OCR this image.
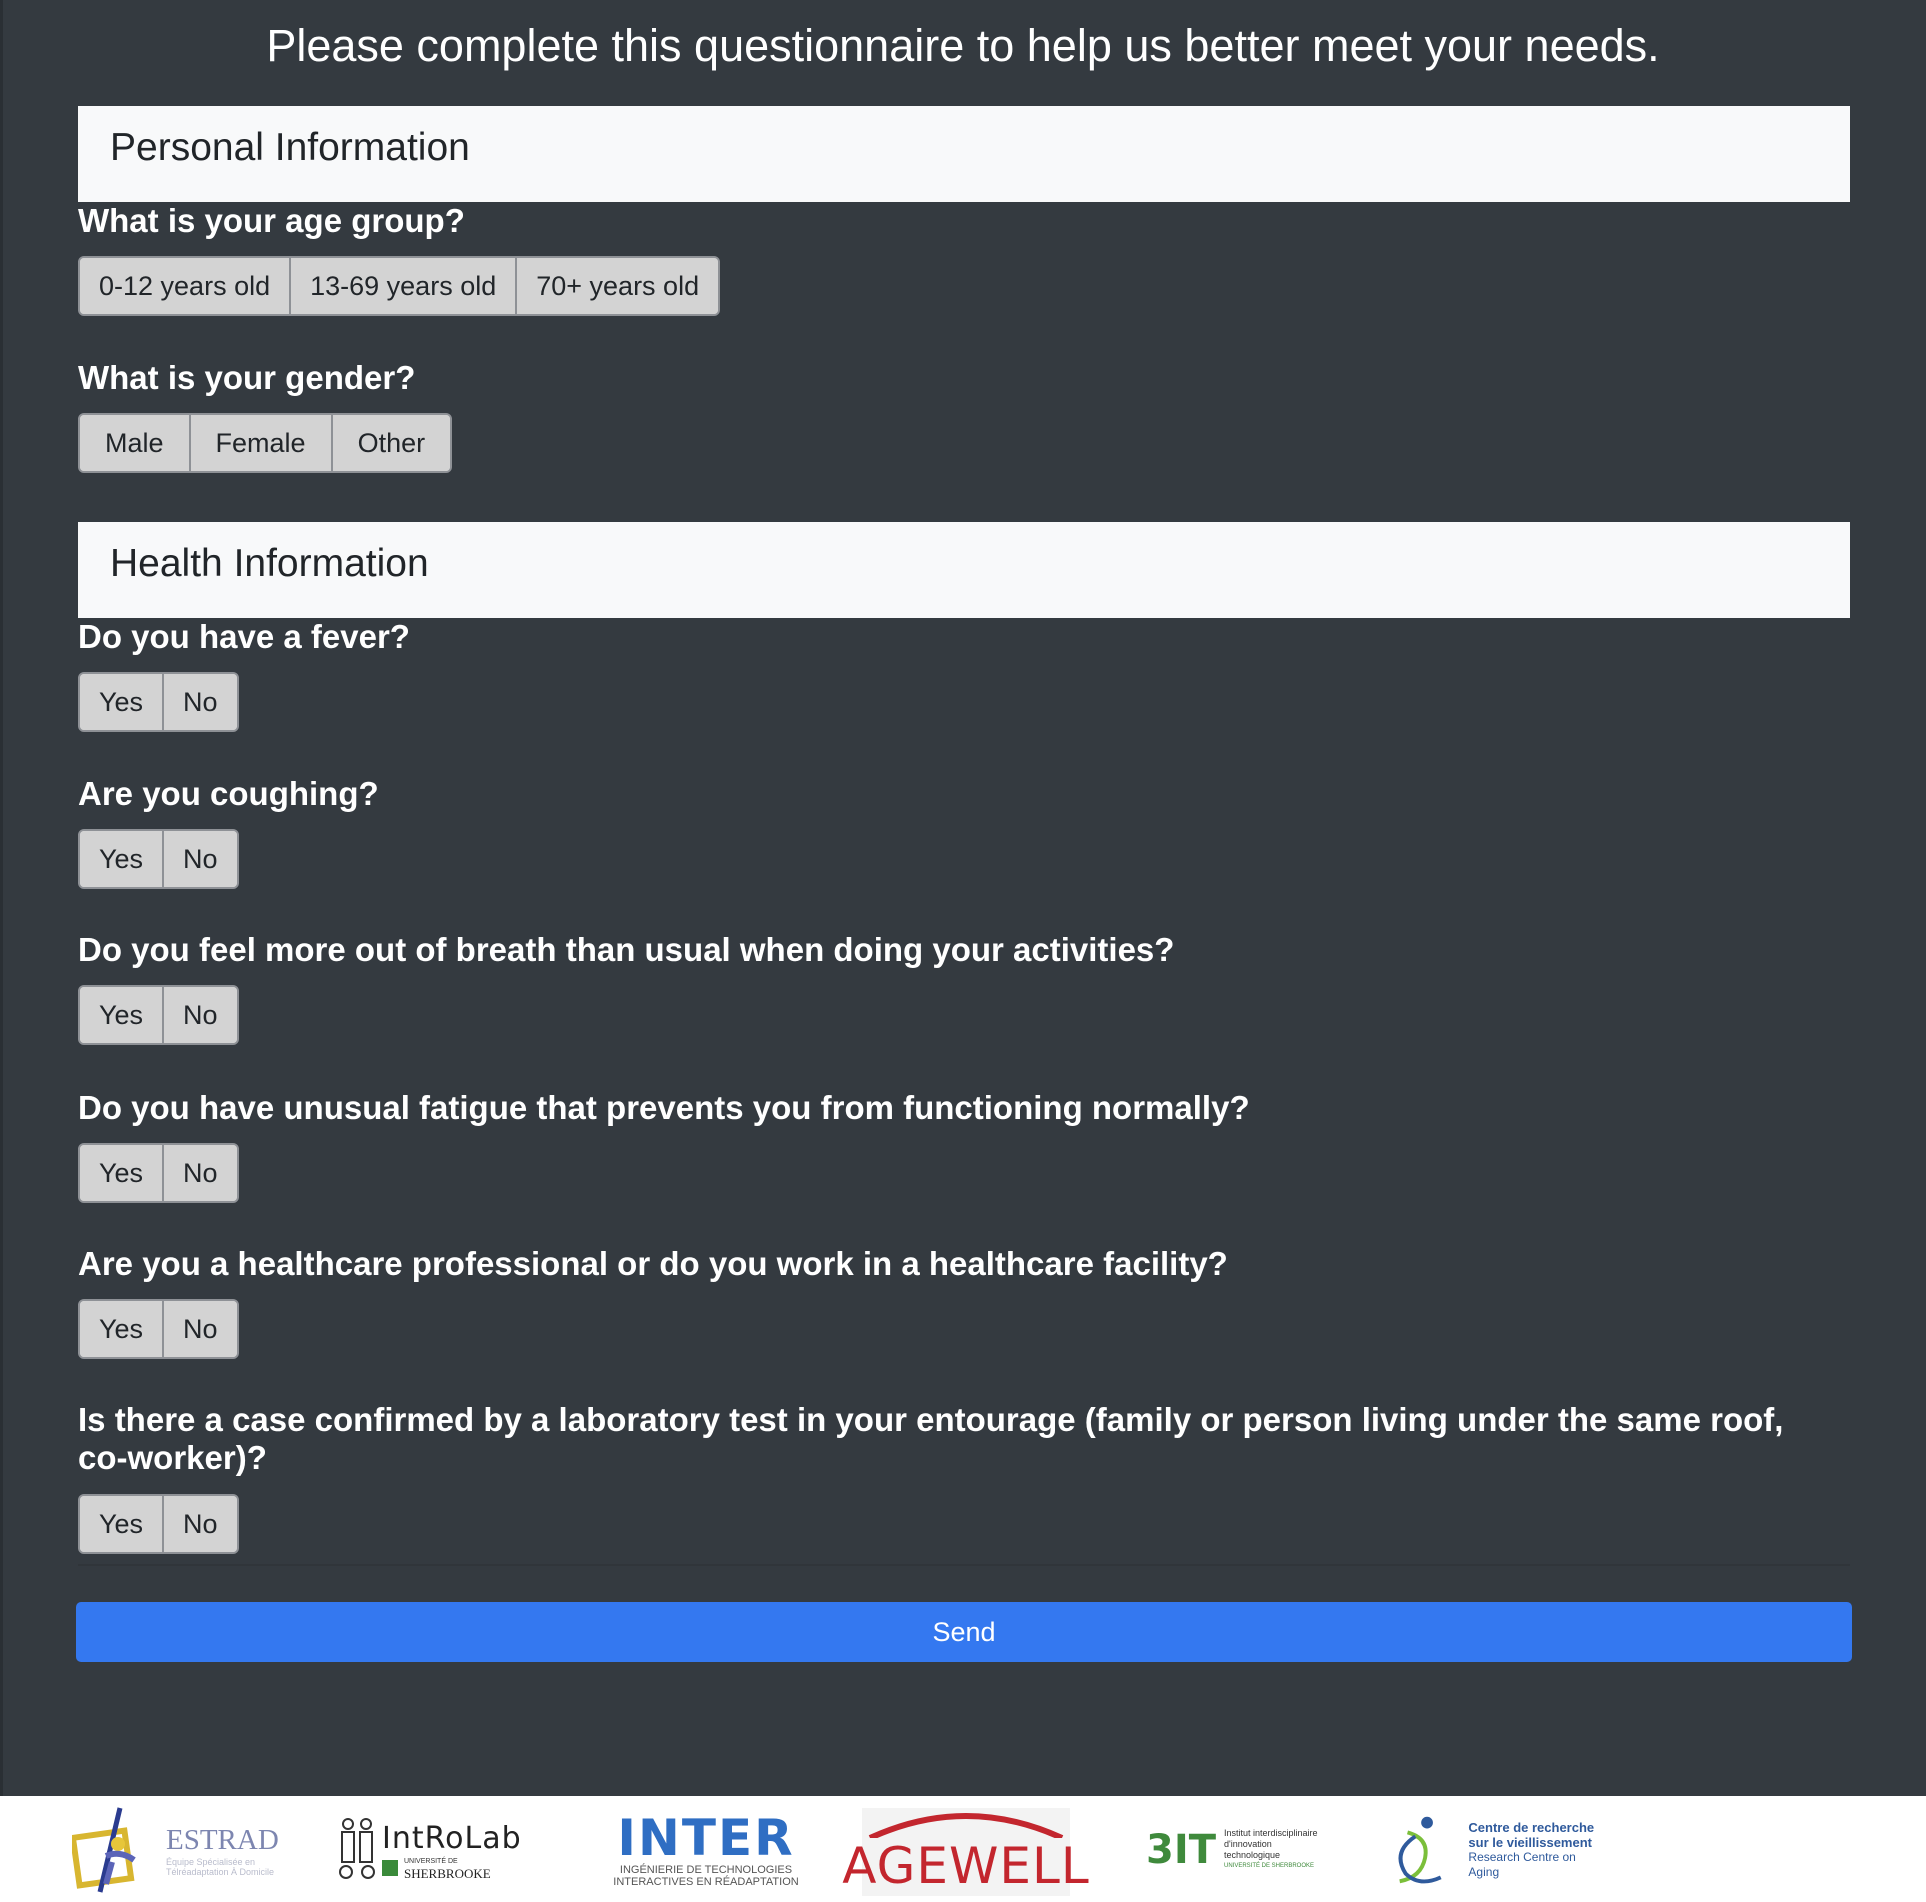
Please complete this questionnaire to help us better meet your needs.
Personal Information
What is your age group?
0-12 years old	13-69 years old	70+ years old
What is your gender?
Male	Female	Other
Health Information
Do you have a fever?
Yes	No
Are you coughing?
Yes	No
Do you feel more out of breath than usual when doing your activities?
Yes	No
Do you have unusual fatigue that prevents you from functioning normally?
Yes	No
Are you a healthcare professional or do you work in a healthcare facility?
Yes	No
Is there a case confirmed by a laboratory test in your entourage (family or person living under the same roof, co-worker)?
Yes	No
Send
ESTRAD
Équipe Spécialisée en
Télréadaptation À Domicile
IntRoLab
UNIVERSITÉ DE
SHERBROOKE
INTER
INGÉNIERIE DE TECHNOLOGIES
INTERACTIVES EN RÉADAPTATION AGEWELL 3IT Institut interdisciplinaire
d'innovation technologique
UNIVERSITÉ DE SHERBROOKE
Centre de recherche
sur le vieillissement
Research Centre on Aging
